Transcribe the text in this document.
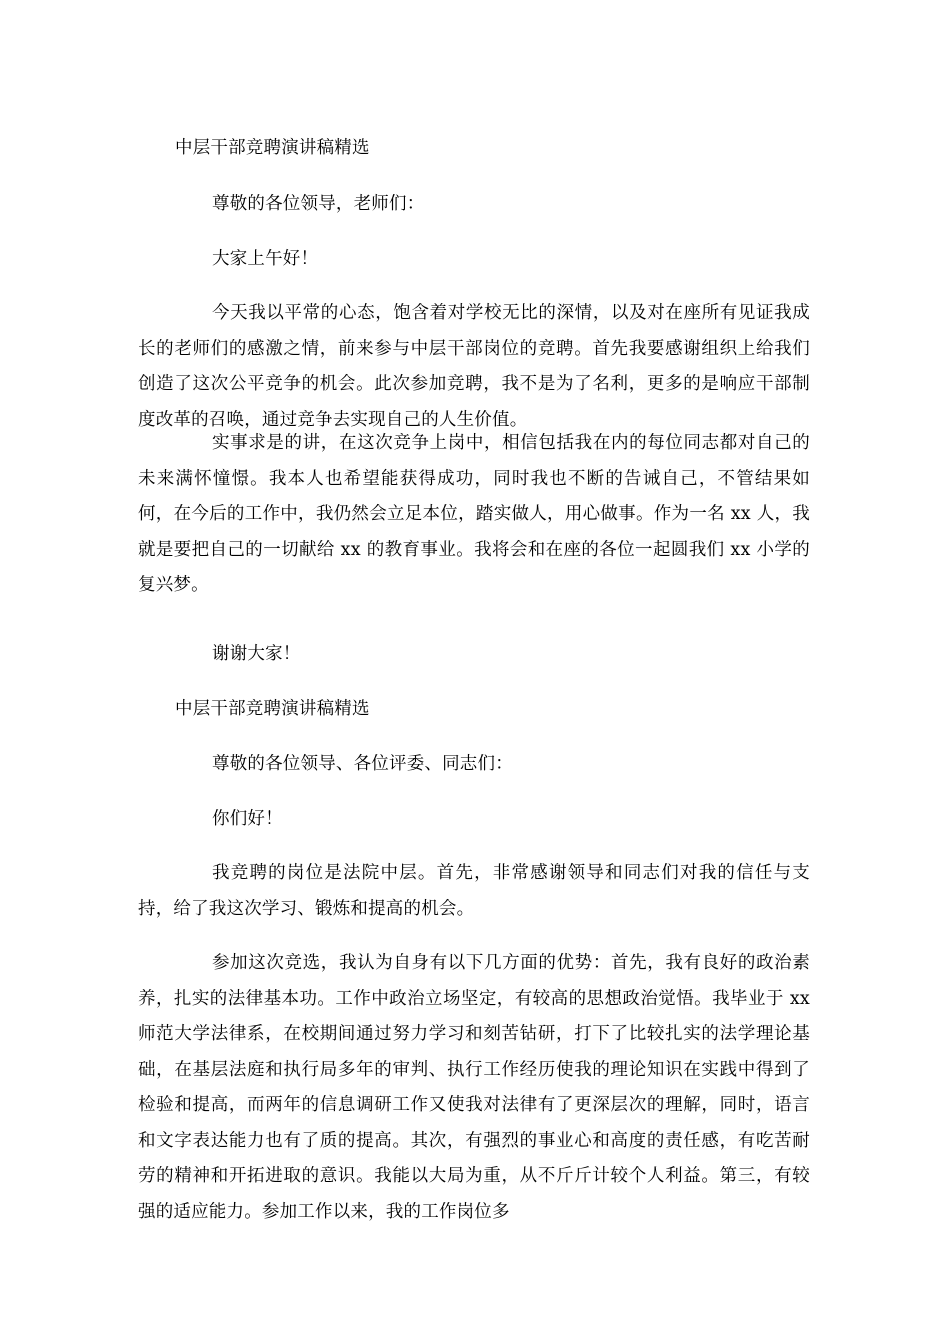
中层干部竞聘演讲稿精选
尊敬的各位领导，老师们：
大家上午好！

今天我以平常的心态，饱含着对学校无比的深情，以及对在座所有见证我成长的老师们的感激之情，前来参与中层干部岗位的竞聘。首先我要感谢组织上给我们创造了这次公平竞争的机会。此次参加竞聘，我不是为了名利，更多的是响应干部制度改革的召唤，通过竞争去实现自己的人生价值。

实事求是的讲，在这次竞争上岗中，相信包括我在内的每位同志都对自己的未来满怀憧憬。我本人也希望能获得成功，同时我也不断的告诫自己，不管结果如何，在今后的工作中，我仍然会立足本位，踏实做人，用心做事。作为一名 xx 人，我就是要把自己的一切献给 xx 的教育事业。我将会和在座的各位一起圆我们 xx 小学的复兴梦。

谢谢大家！
中层干部竞聘演讲稿精选
尊敬的各位领导、各位评委、同志们：
你们好！

我竞聘的岗位是法院中层。首先，非常感谢领导和同志们对我的信任与支持，给了我这次学习、锻炼和提高的机会。

参加这次竞选，我认为自身有以下几方面的优势：首先，我有良好的政治素养，扎实的法律基本功。工作中政治立场坚定，有较高的思想政治觉悟。我毕业于 xx 师范大学法律系，在校期间通过努力学习和刻苦钻研，打下了比较扎实的法学理论基础，在基层法庭和执行局多年的审判、执行工作经历使我的理论知识在实践中得到了检验和提高，而两年的信息调研工作又使我对法律有了更深层次的理解，同时，语言和文字表达能力也有了质的提高。其次，有强烈的事业心和高度的责任感，有吃苦耐劳的精神和开拓进取的意识。我能以大局为重，从不斤斤计较个人利益。第三，有较强的适应能力。参加工作以来，我的工作岗位多
